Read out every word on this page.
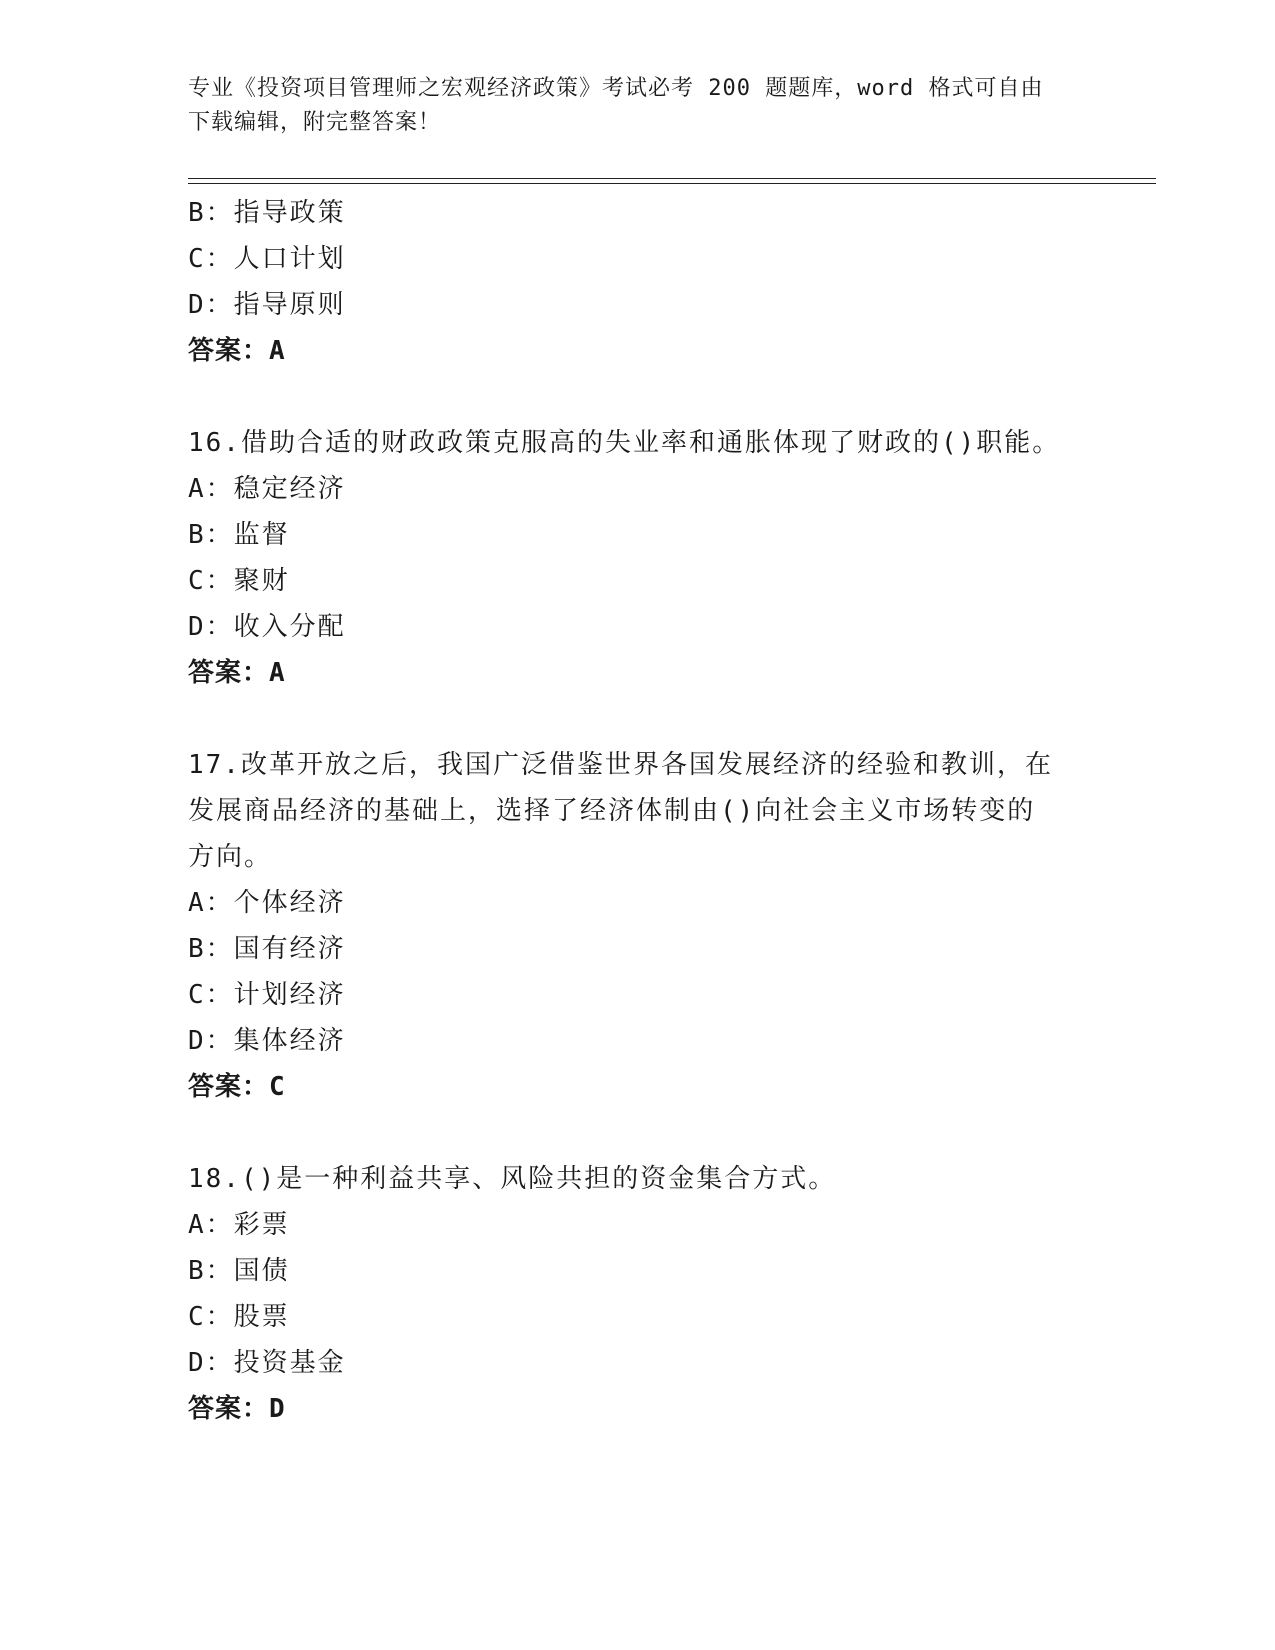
专业《投资项目管理师之宏观经济政策》考试必考 200 题题库，word 格式可自由
下载编辑，附完整答案！
B：指导政策
C：人口计划
D：指导原则
答案：A
16.借助合适的财政政策克服高的失业率和通胀体现了财政的()职能。
A：稳定经济
B：监督
C：聚财
D：收入分配
答案：A
17.改革开放之后，我国广泛借鉴世界各国发展经济的经验和教训，在
发展商品经济的基础上，选择了经济体制由()向社会主义市场转变的
方向。
A：个体经济
B：国有经济
C：计划经济
D：集体经济
答案：C
18.()是一种利益共享、风险共担的资金集合方式。
A：彩票
B：国债
C：股票
D：投资基金
答案：D
